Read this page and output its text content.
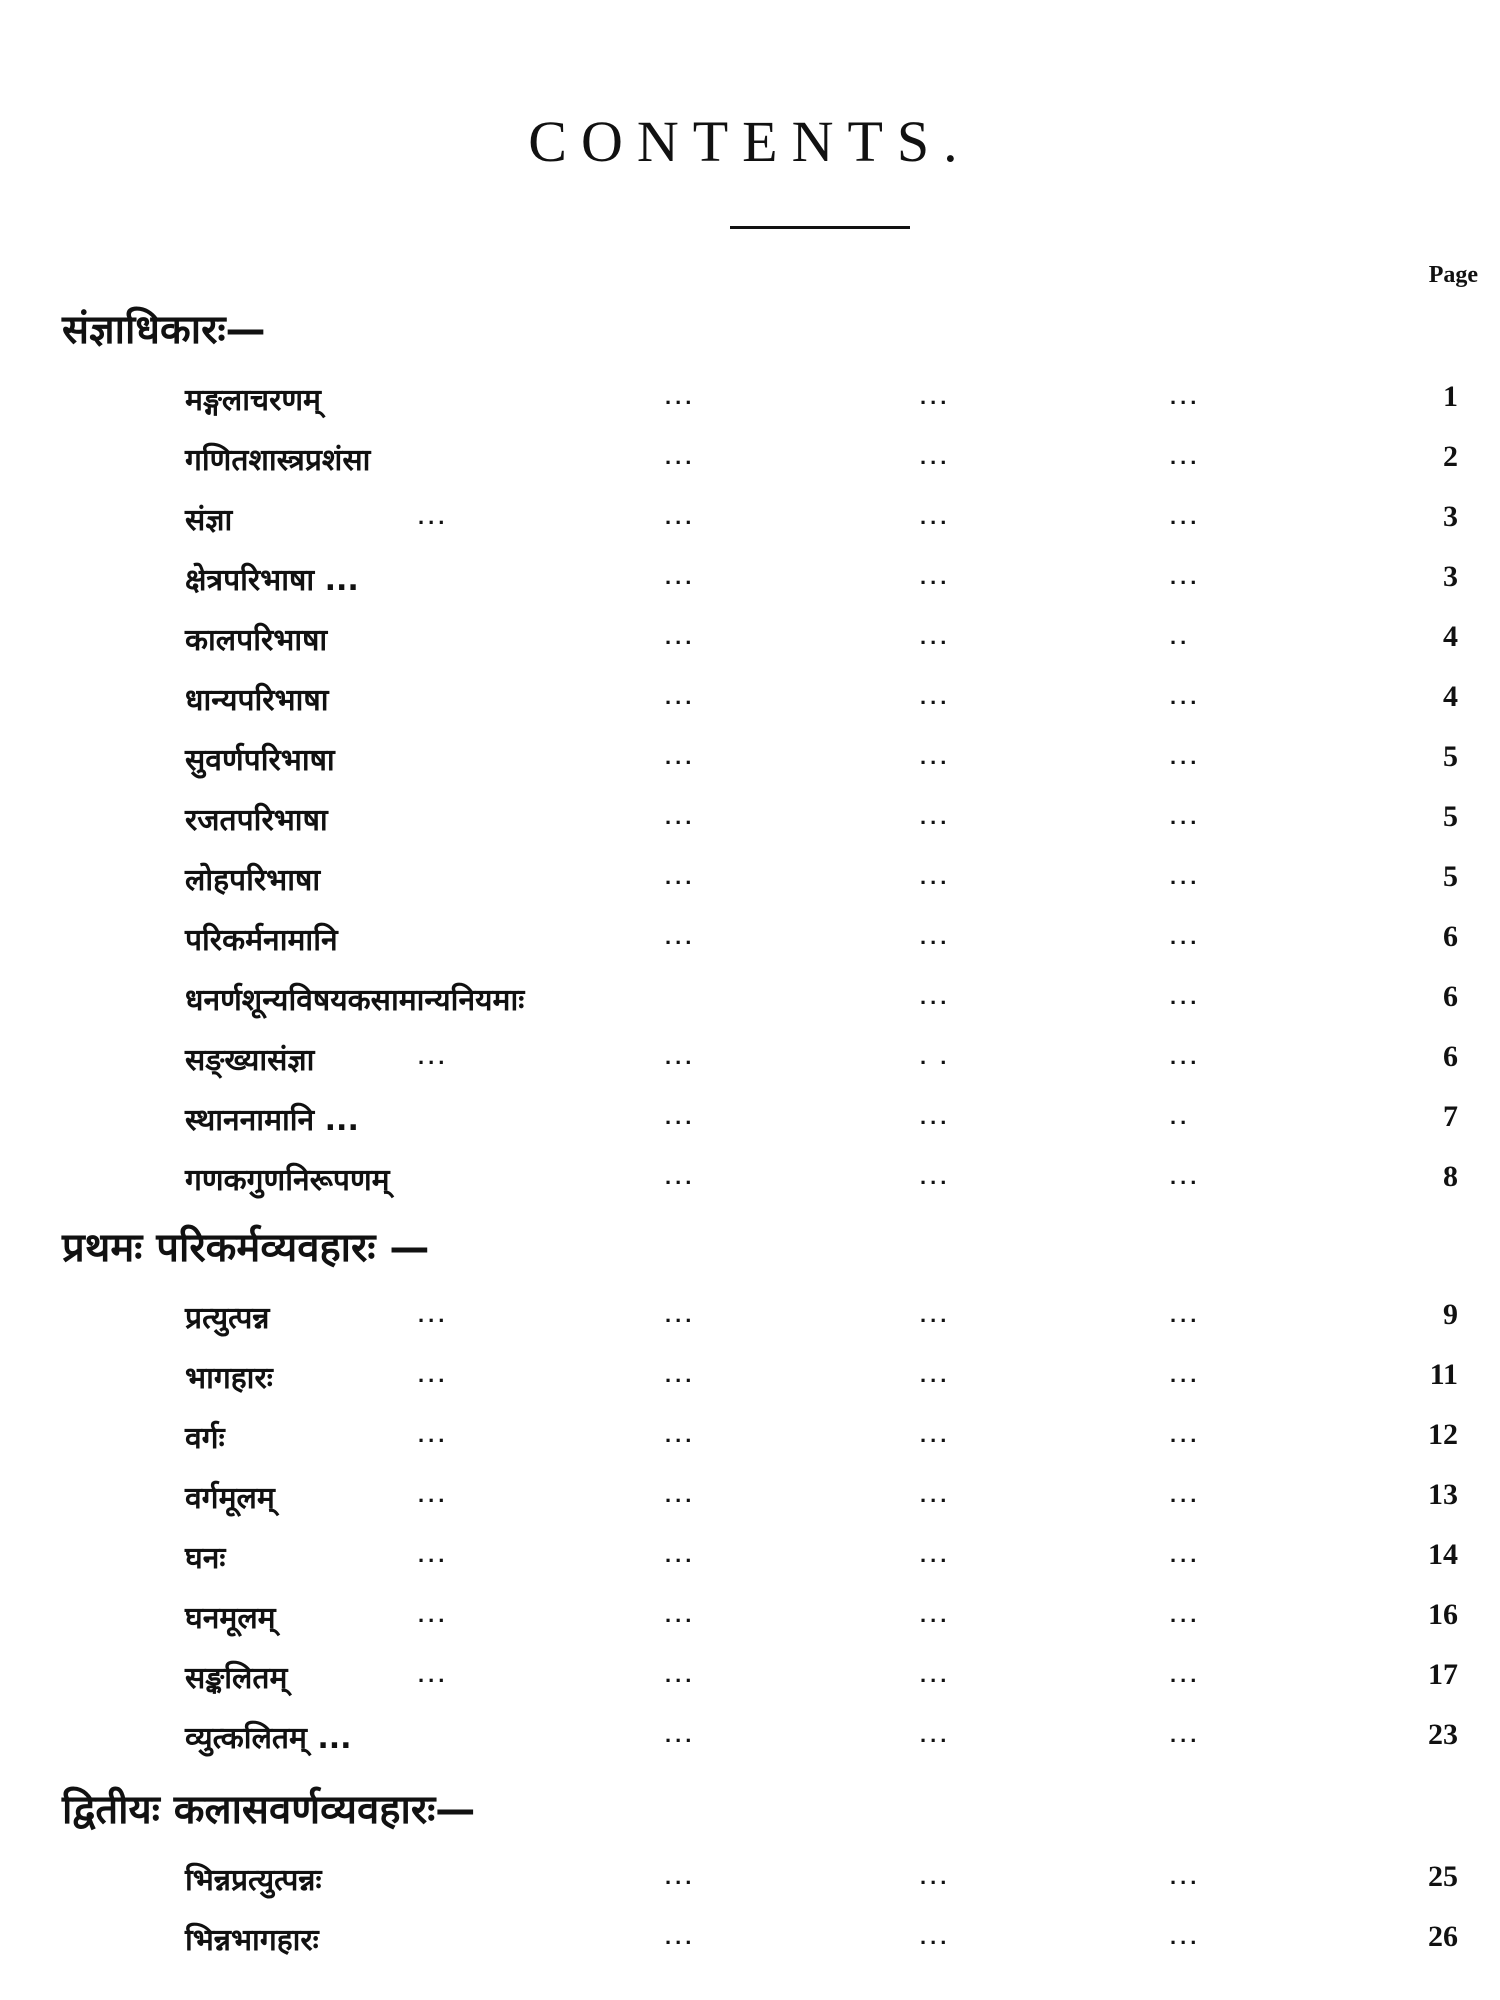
CONTENTS.
Page
संज्ञाधिकारः—
मङ्गलाचरणम्	...	...	...	1
गणितशास्त्रप्रशंसा	...	...	...	2
संज्ञा	...	...	...	...	3
क्षेत्रपरिभाषा ...	...	...	...	3
कालपरिभाषा	...	...	..	4
धान्यपरिभाषा	...	...	...	4
सुवर्णपरिभाषा	...	...	...	5
रजतपरिभाषा	...	...	...	5
लोहपरिभाषा	...	...	...	5
परिकर्मनामानि	...	...	...	6
धनर्णशून्यविषयकसामान्यनियमाः	...	...	6
सङ्ख्यासंज्ञा	...	...	. .	...	6
स्थाननामानि ...	...	...	..	7
गणकगुणनिरूपणम्	...	...	...	8
प्रथमः परिकर्मव्यवहारः —
प्रत्युत्पन्न	...	...	...	...	9
भागहारः	...	...	...	...	11
वर्गः	...	...	...	...	12
वर्गमूलम्	...	...	...	...	13
घनः	...	...	...	...	14
घनमूलम्	...	...	...	...	16
सङ्कलितम्	...	...	...	...	17
व्युत्कलितम् ...	...	...	...	23
द्वितीयः कलासवर्णव्यवहारः—
भिन्नप्रत्युत्पन्नः	...	...	...	25
भिन्नभागहारः	...	...	...	26
